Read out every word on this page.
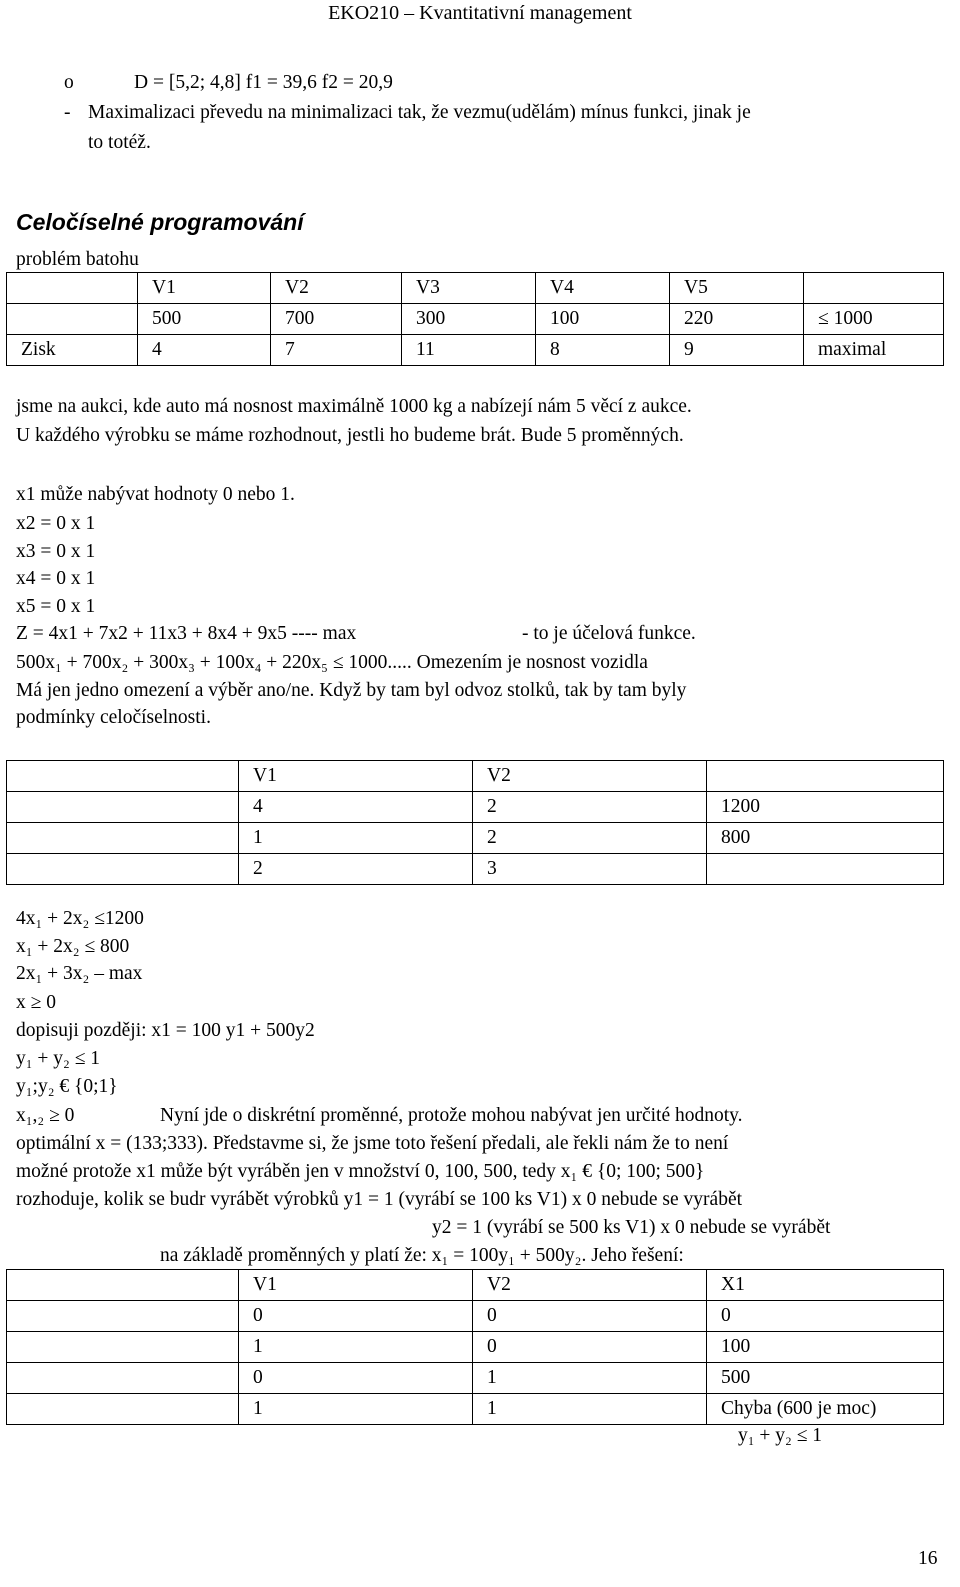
EKO210 – Kvantitativní management
o	D = [5,2; 4,8] f1 = 39,6 f2 = 20,9
- Maximalizaci převedu na minimalizaci tak, že vezmu(udělám) mínus funkci, jinak je
to totéž.
Celočíselné programování
problém batohu
	V1	V2	V3	V4	V5	
	500	700	300	100	220	≤ 1000
Zisk	4	7	11	8	9	maximal
jsme na aukci, kde auto má nosnost maximálně 1000 kg a nabízejí nám 5 věcí z aukce.
U každého výrobku se máme rozhodnout, jestli ho budeme brát. Bude 5 proměnných.
x1 může nabývat hodnoty 0 nebo 1.
x2 = 0 x 1
x3 = 0 x 1
x4 = 0 x 1
x5 = 0 x 1
Z = 4x1 + 7x2 + 11x3 + 8x4 + 9x5 ---- max	- to je účelová funkce.
500x₁ + 700x₂ + 300x₃ + 100x₄ + 220x₅ ≤ 1000..... Omezením je nosnost vozidla
Má jen jedno omezení a výběr ano/ne. Když by tam byl odvoz stolků, tak by tam byly
podmínky celočíselnosti.
	V1	V2	
	4	2	1200
	1	2	800
	2	3	
4x₁ + 2x₂ ≤1200
x₁ + 2x₂ ≤ 800
2x₁ + 3x₂ – max
x ≥ 0
dopisuji později: x1 = 100 y1 + 500y2
y₁ + y₂ ≤ 1
y₁;y₂ € {0;1}
x₁,₂ ≥ 0	Nyní jde o diskrétní proměnné, protože mohou nabývat jen určité hodnoty.
optimální x = (133;333). Představme si, že jsme toto řešení předali, ale řekli nám že to není
možné protože x1 může být vyráběn jen v množství 0, 100, 500, tedy x₁ € {0; 100; 500}
rozhoduje, kolik se budr vyrábět výrobků y1 = 1 (vyrábí se 100 ks V1) x 0 nebude se vyrábět
y2 = 1 (vyrábí se 500 ks V1) x 0 nebude se vyrábět
na základě proměnných y platí že: x₁ = 100y₁ + 500y₂. Jeho řešení:
	V1	V2	X1
	0	0	0
	1	0	100
	0	1	500
	1	1	Chyba (600 je moc)
y₁ + y₂ ≤ 1
16
